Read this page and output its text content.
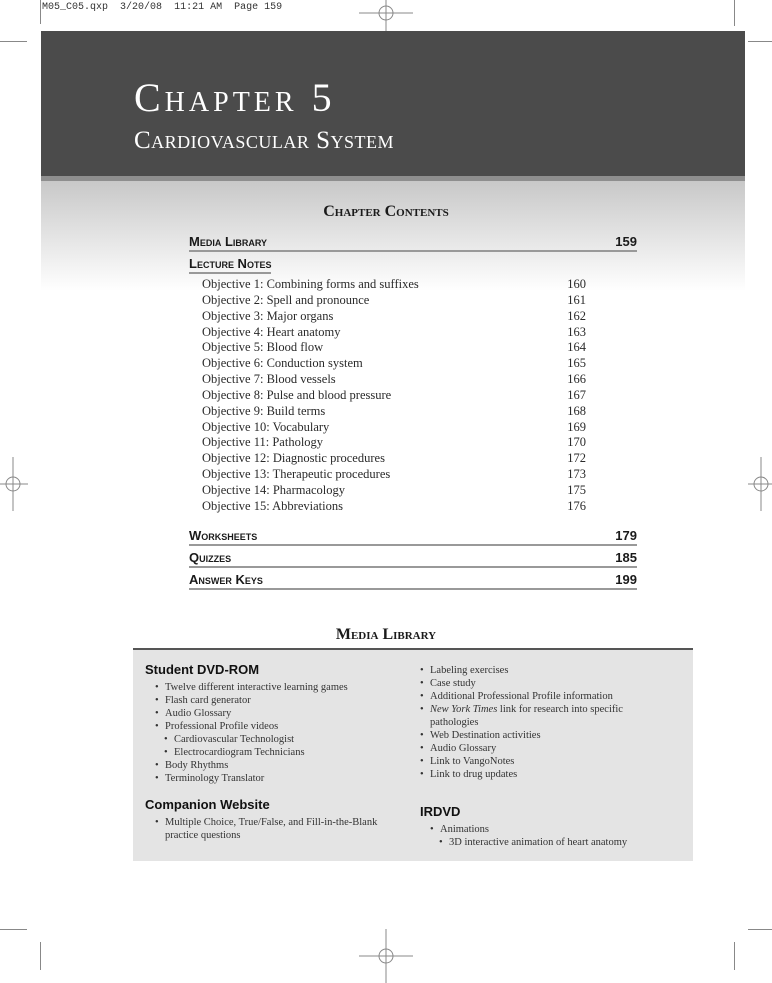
M05_C05.qxp 3/20/08 11:21 AM Page 159
Chapter 5
Cardiovascular System
Chapter Contents
Media Library	159
Lecture Notes
Objective 1: Combining forms and suffixes	160
Objective 2: Spell and pronounce	161
Objective 3: Major organs	162
Objective 4: Heart anatomy	163
Objective 5: Blood flow	164
Objective 6: Conduction system	165
Objective 7: Blood vessels	166
Objective 8: Pulse and blood pressure	167
Objective 9: Build terms	168
Objective 10: Vocabulary	169
Objective 11: Pathology	170
Objective 12: Diagnostic procedures	172
Objective 13: Therapeutic procedures	173
Objective 14: Pharmacology	175
Objective 15: Abbreviations	176
Worksheets	179
Quizzes	185
Answer Keys	199
Media Library
Student DVD-ROM
• Twelve different interactive learning games
• Flash card generator
• Audio Glossary
• Professional Profile videos
• Cardiovascular Technologist
• Electrocardiogram Technicians
• Body Rhythms
• Terminology Translator
Companion Website
• Multiple Choice, True/False, and Fill-in-the-Blank
practice questions
• Labeling exercises
• Case study
• Additional Professional Profile information
• New York Times link for research into specific
pathologies
• Web Destination activities
• Audio Glossary
• Link to VangoNotes
• Link to drug updates
IRDVD
• Animations
• 3D interactive animation of heart anatomy
